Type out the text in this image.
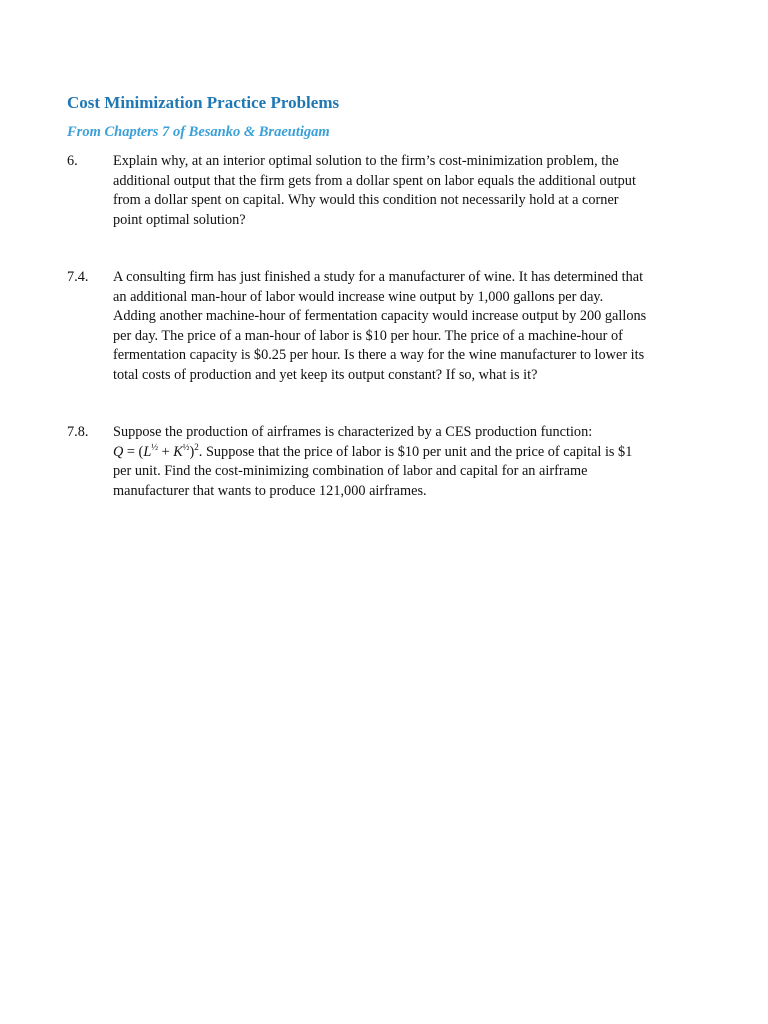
Cost Minimization Practice Problems
From Chapters 7 of Besanko & Braeutigam
6. Explain why, at an interior optimal solution to the firm’s cost-minimization problem, the
additional output that the firm gets from a dollar spent on labor equals the additional output
from a dollar spent on capital. Why would this condition not necessarily hold at a corner
point optimal solution?
7.4. A consulting firm has just finished a study for a manufacturer of wine. It has determined that
an additional man-hour of labor would increase wine output by 1,000 gallons per day.
Adding another machine-hour of fermentation capacity would increase output by 200 gallons
per day. The price of a man-hour of labor is $10 per hour. The price of a machine-hour of
fermentation capacity is $0.25 per hour. Is there a way for the wine manufacturer to lower its
total costs of production and yet keep its output constant? If so, what is it?
7.8. Suppose the production of airframes is characterized by a CES production function:
$Q = (L^{\frac{1}{2}} + K^{\frac{1}{2}})^2$. Suppose that the price of labor is $10 per unit and the price of capital is $1
per unit. Find the cost-minimizing combination of labor and capital for an airframe
manufacturer that wants to produce 121,000 airframes.
